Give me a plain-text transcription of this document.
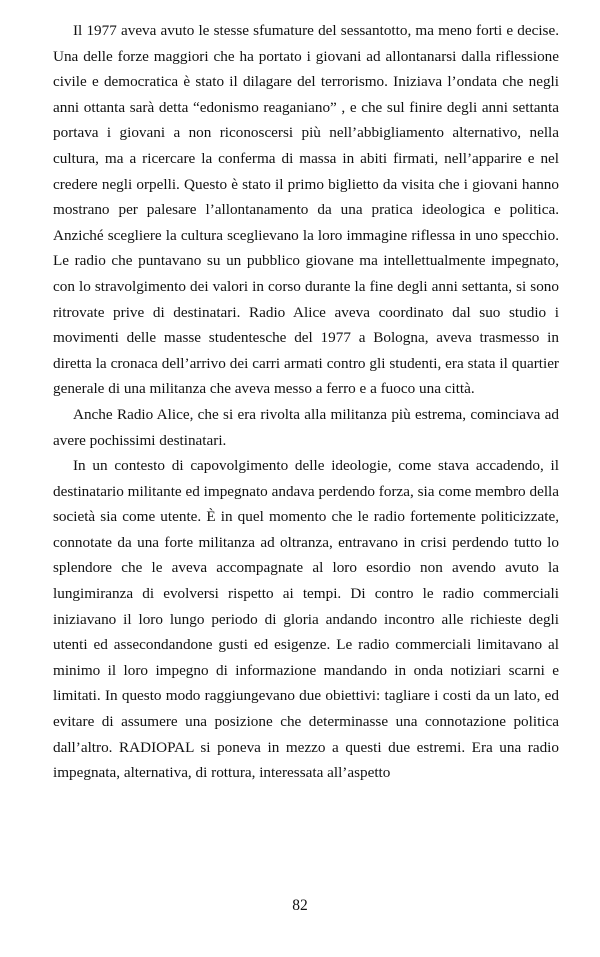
Il 1977 aveva avuto le stesse sfumature del sessantotto, ma meno forti e decise. Una delle forze maggiori che ha portato i giovani ad allontanarsi dalla riflessione civile e democratica è stato il dilagare del terrorismo. Iniziava l’ondata che negli anni ottanta sarà detta “edonismo reaganiano” , e che sul finire degli anni settanta portava i giovani a non riconoscersi più nell’abbigliamento alternativo, nella cultura, ma a ricercare la conferma di massa in abiti firmati, nell’apparire e nel credere negli orpelli. Questo è stato il primo biglietto da visita che i giovani hanno mostrano per palesare l’allontanamento da una pratica ideologica e politica. Anziché scegliere la cultura sceglievano la loro immagine riflessa in uno specchio. Le radio che puntavano su un pubblico giovane ma intellettualmente impegnato, con lo stravolgimento dei valori in corso durante la fine degli anni settanta, si sono ritrovate prive di destinatari. Radio Alice aveva coordinato dal suo studio i movimenti delle masse studentesche del 1977 a Bologna, aveva trasmesso in diretta la cronaca dell’arrivo dei carri armati contro gli studenti, era stata il quartier generale di una militanza che aveva messo a ferro e a fuoco una città.

Anche Radio Alice, che si era rivolta alla militanza più estrema, cominciava ad avere pochissimi destinatari.

In un contesto di capovolgimento delle ideologie, come stava accadendo, il destinatario militante ed impegnato andava perdendo forza, sia come membro della società sia come utente. È in quel momento che le radio fortemente politicizzate, connotate da una forte militanza ad oltranza, entravano in crisi perdendo tutto lo splendore che le aveva accompagnate al loro esordio non avendo avuto la lungimiranza di evolversi rispetto ai tempi. Di contro le radio commerciali iniziavano il loro lungo periodo di gloria andando incontro alle richieste degli utenti ed assecondandone gusti ed esigenze. Le radio commerciali limitavano al minimo il loro impegno di informazione mandando in onda notiziari scarni e limitati. In questo modo raggiungevano due obiettivi: tagliare i costi da un lato, ed evitare di assumere una posizione che determinasse una connotazione politica dall’altro. RADIOPAL si poneva in mezzo a questi due estremi. Era una radio impegnata, alternativa, di rottura, interessata all’aspetto

82
